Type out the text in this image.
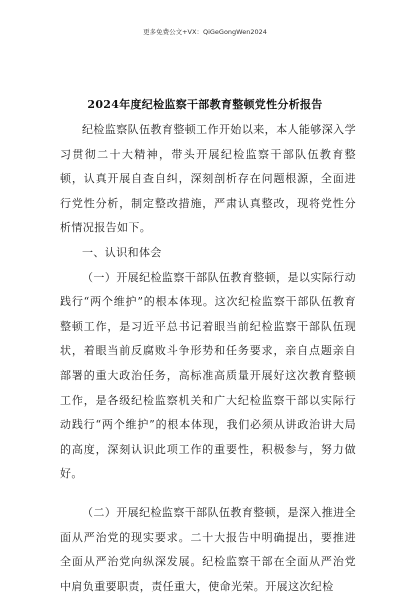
更多免费公文+VX：QiGeGongWen2024
2024年度纪检监察干部教育整顿党性分析报告

纪检监察队伍教育整顿工作开始以来，本人能够深入学习贯彻二十大精神，带头开展纪检监察干部队伍教育整顿，认真开展自查自纠，深刻剖析存在问题根源，全面进行党性分析，制定整改措施，严肃认真整改，现将党性分析情况报告如下。

一、认识和体会

（一）开展纪检监察干部队伍教育整顿，是以实际行动践行“两个维护”的根本体现。这次纪检监察干部队伍教育整顿工作，是习近平总书记着眼当前纪检监察干部队伍现状，着眼当前反腐败斗争形势和任务要求，亲自点题亲自部署的重大政治任务，高标准高质量开展好这次教育整顿工作，是各级纪检监察机关和广大纪检监察干部以实际行动践行“两个维护”的根本体现，我们必须从讲政治讲大局的高度，深刻认识此项工作的重要性，积极参与，努力做好。

（二）开展纪检监察干部队伍教育整顿，是深入推进全面从严治党的现实要求。二十大报告中明确提出，要推进全面从严治党向纵深发展。纪检监察干部在全面从严治党中肩负重要职责，责任重大，使命光荣。开展这次纪检
